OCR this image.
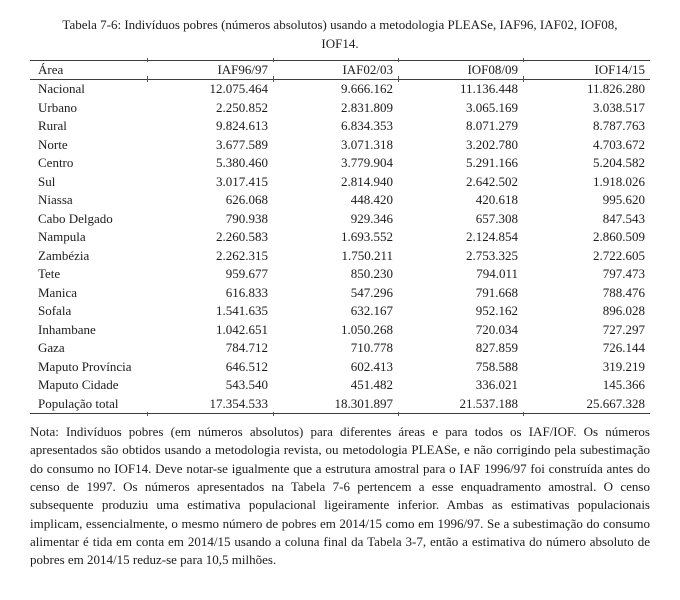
Tabela 7-6: Indivíduos pobres (números absolutos) usando a metodologia PLEASe, IAF96, IAF02, IOF08,
IOF14.
Área	IAF96/97	IAF02/03	IOF08/09	IOF14/15
Nacional	12.075.464	9.666.162	11.136.448	11.826.280
Urbano	2.250.852	2.831.809	3.065.169	3.038.517
Rural	9.824.613	6.834.353	8.071.279	8.787.763
Norte	3.677.589	3.071.318	3.202.780	4.703.672
Centro	5.380.460	3.779.904	5.291.166	5.204.582
Sul	3.017.415	2.814.940	2.642.502	1.918.026
Niassa	626.068	448.420	420.618	995.620
Cabo Delgado	790.938	929.346	657.308	847.543
Nampula	2.260.583	1.693.552	2.124.854	2.860.509
Zambézia	2.262.315	1.750.211	2.753.325	2.722.605
Tete	959.677	850.230	794.011	797.473
Manica	616.833	547.296	791.668	788.476
Sofala	1.541.635	632.167	952.162	896.028
Inhambane	1.042.651	1.050.268	720.034	727.297
Gaza	784.712	710.778	827.859	726.144
Maputo Província	646.512	602.413	758.588	319.219
Maputo Cidade	543.540	451.482	336.021	145.366
População total	17.354.533	18.301.897	21.537.188	25.667.328

Nota: Indivíduos pobres (em números absolutos) para diferentes áreas e para todos os IAF/IOF. Os números apresentados são obtidos usando a metodologia revista, ou metodologia PLEASe, e não corrigindo pela subestimação do consumo no IOF14. Deve notar-se igualmente que a estrutura amostral para o IAF 1996/97 foi construída antes do censo de 1997. Os números apresentados na Tabela 7-6 pertencem a esse enquadramento amostral. O censo subsequente produziu uma estimativa populacional ligeiramente inferior. Ambas as estimativas populacionais implicam, essencialmente, o mesmo número de pobres em 2014/15 como em 1996/97. Se a subestimação do consumo alimentar é tida em conta em 2014/15 usando a coluna final da Tabela 3-7, então a estimativa do número absoluto de pobres em 2014/15 reduz-se para 10,5 milhões.
